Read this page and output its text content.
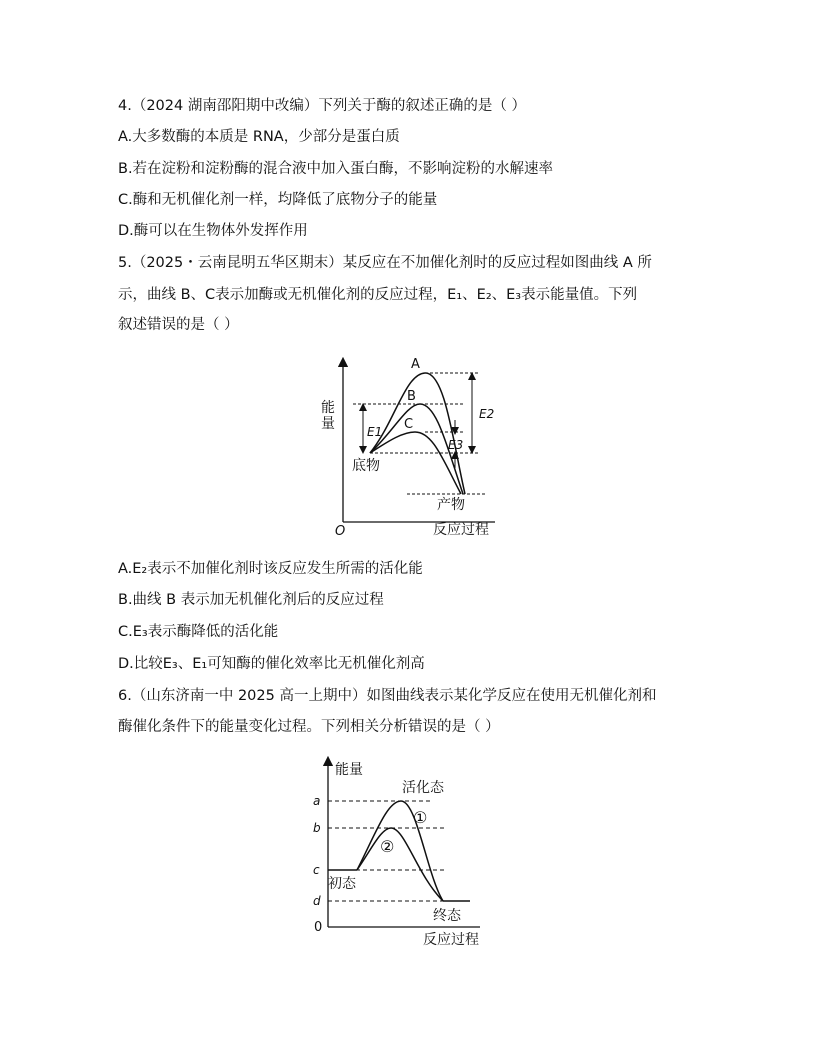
4.（2024 湖南邵阳期中改编）下列关于酶的叙述正确的是（ ）
A.大多数酶的本质是 RNA，少部分是蛋白质
B.若在淀粉和淀粉酶的混合液中加入蛋白酶，不影响淀粉的水解速率
C.酶和无机催化剂一样，均降低了底物分子的能量
D.酶可以在生物体外发挥作用
5.（2025・云南昆明五华区期末）某反应在不加催化剂时的反应过程如图曲线 A 所
示，曲线 B、C表示加酶或无机催化剂的反应过程，E₁、E₂、E₃表示能量值。下列
叙述错误的是（ ）
能量
O	反应过程
A
B
C
E1
E2
E3
底物
产物
A.E₂表示不加催化剂时该反应发生所需的活化能
B.曲线 B 表示加无机催化剂后的反应过程
C.E₃表示酶降低的活化能
D.比较E₃、E₁可知酶的催化效率比无机催化剂高
6.（山东济南一中 2025 高一上期中）如图曲线表示某化学反应在使用无机催化剂和
酶催化条件下的能量变化过程。下列相关分析错误的是（ ）
能量
a
b
c
d
0
活化态
①
②
初态
终态
反应过程
